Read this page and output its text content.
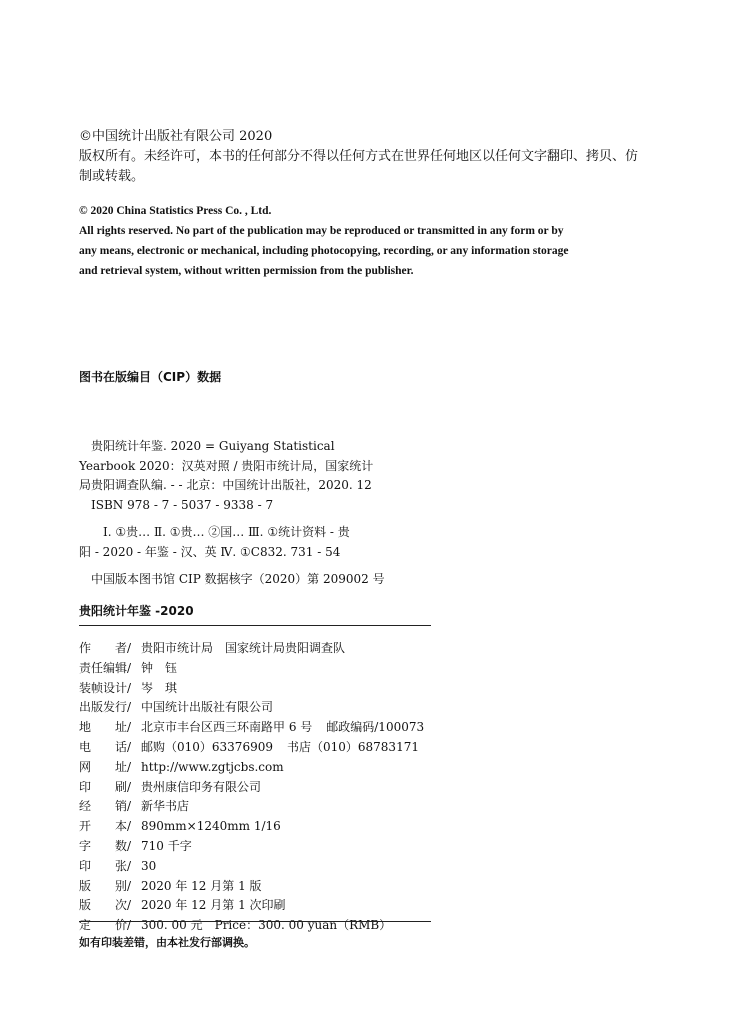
©中国统计出版社有限公司 2020
版权所有。未经许可，本书的任何部分不得以任何方式在世界任何地区以任何文字翻印、拷贝、仿
制或转载。
© 2020 China Statistics Press Co. , Ltd.
All rights reserved. No part of the publication may be reproduced or transmitted in any form or by
any means, electronic or mechanical, including photocopying, recording, or any information storage
and retrieval system, without written permission from the publisher.
图书在版编目（CIP）数据
贵阳统计年鉴. 2020 = Guiyang Statistical
Yearbook 2020：汉英对照 / 贵阳市统计局，国家统计
局贵阳调查队编. - - 北京：中国统计出版社，2020. 12
ISBN 978 - 7 - 5037 - 9338 - 7
Ⅰ. ①贵… Ⅱ. ①贵… ②国… Ⅲ. ①统计资料 - 贵
阳 - 2020 - 年鉴 - 汉、英 Ⅳ. ①C832. 731 - 54
中国版本图书馆 CIP 数据核字（2020）第 209002 号
贵阳统计年鉴 -2020
作　　者/ 贵阳市统计局　国家统计局贵阳调查队
责任编辑/ 钟　钰
装帧设计/ 岑　琪
出版发行/ 中国统计出版社有限公司
地　　址/ 北京市丰台区西三环南路甲 6 号 邮政编码/100073
电　　话/ 邮购（010）63376909 书店（010）68783171
网　　址/ http://www.zgtjcbs.com
印　　刷/ 贵州康信印务有限公司
经　　销/ 新华书店
开　　本/ 890mm×1240mm 1/16
字　　数/ 710 千字
印　　张/ 30
版　　别/ 2020 年 12 月第 1 版
版　　次/ 2020 年 12 月第 1 次印刷
定　　价/ 300. 00 元　Price：300. 00 yuan（RMB）
如有印装差错，由本社发行部调换。
